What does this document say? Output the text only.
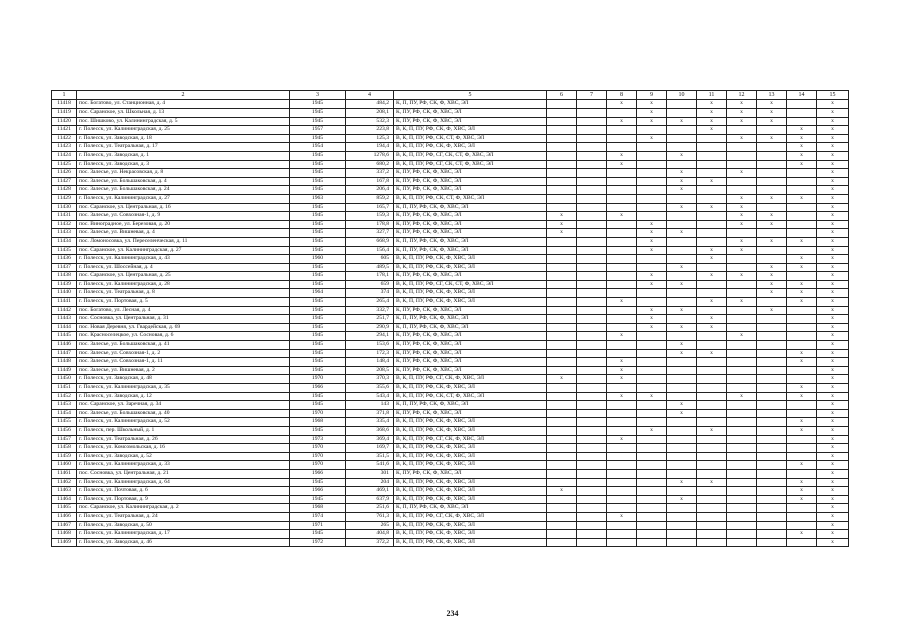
1	2	3	4	5	6	7	8	9	10	11	12	13	14	15
11418	пос. Богатово, ул. Станционная, д. 4	1945	484,2	К, П, ПУ, РФ, СК, Ф, ХВС, ЭЛ			x	x		x	x	x		x
11419	пос. Саранское, ул. Школьная, д. 13	1945	208,1	К, ПУ, РФ, СК, Ф, ХВС, ЭЛ				x		x	x	x		x
11420	пос. Шишково, ул. Калининградская, д. 5	1945	532,3	К, ПУ, РФ, СК, Ф, ХВС, ЭЛ			x	x	x	x	x	x		x
11421	г. Полесск, ул. Калининградская, д. 25	1957	223,8	В, К, П, ПУ, РФ, СК, Ф, ХВС, ЭЛ						x			x	x
11422	г. Полесск, ул. Заводская, д. 18	1945	125,3	В, К, П, ПУ, РФ, СК, СТ, Ф, ХВС, ЭЛ				x			x	x	x	x
11423	г. Полесск, ул. Театральная, д. 17	1954	194,4	В, К, П, ПУ, РФ, СК, Ф, ХВС, ЭЛ									x	x
11424	г. Полесск, ул. Заводская, д. 1	1945	1278,6	В, К, П, ПУ, РФ, СГ, СК, СТ, Ф, ХВС, ЭЛ			x		x				x	x
11425	г. Полесск, ул. Заводская, д. 3	1945	680,2	В, К, П, ПУ, РФ, СГ, СК, СТ, Ф, ХВС, ЭЛ			x						x	x
11426	пос. Залесье, ул. Некрасовская, д. 8	1945	337,2	К, ПУ, РФ, СК, Ф, ХВС, ЭЛ					x		x			x
11427	пос. Залесье, ул. Большаковская, д. 4	1945	167,8	К, ПУ, РФ, СК, Ф, ХВС, ЭЛ					x	x				x
11428	пос. Залесье, ул. Большаковская, д. 24	1945	206,4	К, ПУ, РФ, СК, Ф, ХВС, ЭЛ					x					x
11429	г. Полесск, ул. Калининградская, д. 27	1963	859,2	В, К, П, ПУ, РФ, СК, СТ, Ф, ХВС, ЭЛ							x	x	x	x
11430	пос. Саранское, ул. Центральная, д. 16	1945	165,7	К, П, ПУ, РФ, СК, Ф, ХВС, ЭЛ					x	x	x			x
11431	пос. Залесье, ул. Совхозная-1, д. 9	1945	159,3	К, ПУ, РФ, СК, Ф, ХВС, ЭЛ	x		x				x	x		x
11432	пос. Виноградное, ул. Березовая, д. 20	1945	178,8	К, ПУ, РФ, СК, Ф, ХВС, ЭЛ	x			x			x	x		x
11433	пос. Залесье, ул. Вишневая, д. 4	1945	327,7	К, ПУ, РФ, СК, Ф, ХВС, ЭЛ	x			x	x					x
11434	пос. Ломоносовка, ул. Переселенческая, д. 11	1945	668,9	К, П, ПУ, РФ, СК, Ф, ХВС, ЭЛ				x			x	x	x	x
11435	пос. Саранское, ул. Калининградская, д. 27	1945	156,4	К, П, ПУ, РФ, СК, Ф, ХВС, ЭЛ				x		x	x			x
11436	г. Полесск, ул. Калининградская, д. 43	1960	605	В, К, П, ПУ, РФ, СК, Ф, ХВС, ЭЛ						x			x	x
11437	г. Полесск, ул. Шоссейная, д. 4	1945	489,5	В, К, П, ПУ, РФ, СК, Ф, ХВС, ЭЛ					x			x	x	x
11438	пос. Саранское, ул. Центральная, д. 25	1945	178,1	К, ПУ, РФ, СК, Ф, ХВС, ЭЛ				x		x	x	x		x
11439	г. Полесск, ул. Калининградская, д. 28	1945	659	В, К, П, ПУ, РФ, СГ, СК, СТ, Ф, ХВС, ЭЛ				x	x			x	x	x
11440	г. Полесск, ул. Театральная, д. 8	1964	374	В, К, П, ПУ, РФ, СК, Ф, ХВС, ЭЛ								x	x	x
11441	г. Полесск, ул. Портовая, д. 5	1945	265,4	В, К, П, ПУ, РФ, СК, Ф, ХВС, ЭЛ			x			x	x		x	x
11442	пос. Богатово, ул. Лесная, д. 4	1945	332,7	К, ПУ, РФ, СК, Ф, ХВС, ЭЛ				x	x			x		x
11443	пос. Сосновка, ул. Центральная, д. 31	1945	251,7	К, П, ПУ, РФ, СК, Ф, ХВС, ЭЛ				x		x				x
11444	пос. Новая Деревня, ул. Гвардейская, д. 69	1945	290,9	К, П, ПУ, РФ, СК, Ф, ХВС, ЭЛ				x	x	x				x
11445	пос. Красноселецкое, ул. Сосновая, д. 6	1945	294,1	К, ПУ, РФ, СК, Ф, ХВС, ЭЛ			x				x			x
11446	пос. Залесье, ул. Большаковская, д. 41	1945	153,6	К, ПУ, РФ, СК, Ф, ХВС, ЭЛ					x					x
11447	пос. Залесье, ул. Совхозная-1, д. 2	1945	172,3	К, ПУ, РФ, СК, Ф, ХВС, ЭЛ					x	x			x	x
11448	пос. Залесье, ул. Совхозная-1, д. 11	1945	148,4	К, ПУ, РФ, СК, Ф, ХВС, ЭЛ			x						x	x
11449	пос. Залесье, ул. Вишневая, д. 2	1945	208,5	К, ПУ, РФ, СК, Ф, ХВС, ЭЛ			x							x
11450	г. Полесск, ул. Заводская, д. 48	1970	370,3	В, К, П, ПУ, РФ, СГ, СК, Ф, ХВС, ЭЛ	x		x							x
11451	г. Полесск, ул. Калининградская, д. 35	1966	355,6	В, К, П, ПУ, РФ, СК, Ф, ХВС, ЭЛ									x	x
11452	г. Полесск, ул. Заводская, д. 12	1945	543,4	В, К, П, ПУ, РФ, СК, СТ, Ф, ХВС, ЭЛ			x	x			x		x	x
11453	пос. Саранское, ул. Заречная, д. 34	1945	143	К, П, ПУ, РФ, СК, Ф, ХВС, ЭЛ					x					x
11454	пос. Залесье, ул. Большаковская, д. 40	1970	371,8	К, ПУ, РФ, СК, Ф, ХВС, ЭЛ					x					x
11455	г. Полесск, ул. Калининградская, д. 52	1968	335,4	В, К, П, ПУ, РФ, СК, Ф, ХВС, ЭЛ									x	x
11456	г. Полесск, пер. Школьный, д. 1	1945	368,6	В, К, П, ПУ, РФ, СК, Ф, ХВС, ЭЛ				x		x			x	x
11457	г. Полесск, ул. Театральная, д. 26	1973	369,4	В, К, П, ПУ, РФ, СГ, СК, Ф, ХВС, ЭЛ			x							x
11458	г. Полесск, ул. Комсомольская, д. 16	1970	169,7	В, К, П, ПУ, РФ, СК, Ф, ХВС, ЭЛ										x
11459	г. Полесск, ул. Заводская, д. 52	1970	351,5	В, К, П, ПУ, РФ, СК, Ф, ХВС, ЭЛ										x
11460	г. Полесск, ул. Калининградская, д. 33	1970	541,6	В, К, П, ПУ, РФ, СК, Ф, ХВС, ЭЛ									x	x
11461	пос. Сосновка, ул. Центральная, д. 21	1966	301	К, ПУ, РФ, СК, Ф, ХВС, ЭЛ										x
11462	г. Полесск, ул. Калининградская, д. 64	1945	204	В, К, П, ПУ, РФ, СК, Ф, ХВС, ЭЛ					x	x			x	x
11463	г. Полесск, ул. Почтовая, д. 6	1966	469,1	В, К, П, ПУ, РФ, СК, Ф, ХВС, ЭЛ	x								x	x
11464	г. Полесск, ул. Портовая, д. 9	1945	637,9	В, К, П, ПУ, РФ, СК, Ф, ХВС, ЭЛ					x				x	x
11465	пос. Саранское, ул. Калининградская, д. 2	1968	251,6	К, П, ПУ, РФ, СК, Ф, ХВС, ЭЛ										x
11466	г. Полесск, ул. Театральная, д. 24	1974	761,3	В, К, П, ПУ, РФ, СГ, СК, Ф, ХВС, ЭЛ			x							x
11467	г. Полесск, ул. Заводская, д. 50	1971	265	В, К, П, ПУ, РФ, СК, Ф, ХВС, ЭЛ										x
11468	г. Полесск, ул. Калининградская, д. 17	1945	404,8	В, К, П, ПУ, РФ, СК, Ф, ХВС, ЭЛ									x	x
11469	г. Полесск, ул. Заводская, д. 46	1972	372,2	В, К, П, ПУ, РФ, СК, Ф, ХВС, ЭЛ										x
234
